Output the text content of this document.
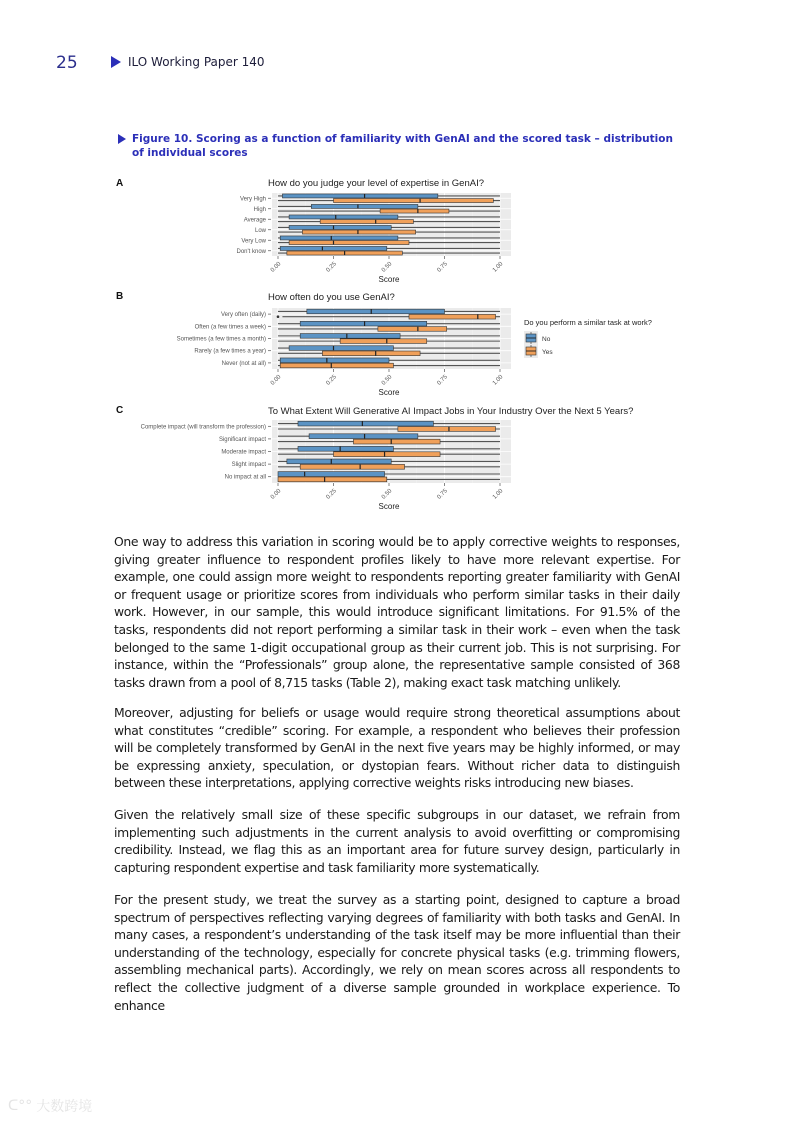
25	ILO Working Paper 140
Figure 10. Scoring as a function of familiarity with GenAI and the scored task – distribution of individual scores
A	How do you judge your level of expertise in GenAI?
Very High
High
Average
Low
Very Low
Don't know
0.00	0.25	0.50	0.75	1.00
Score
B	How often do you use GenAI?
Very often (daily)
Often (a few times a week)
Sometimes (a few times a month)
Rarely (a few times a year)
Never (not at all)
0.00	0.25	0.50	0.75	1.00
Score
C	To What Extent Will Generative AI Impact Jobs in Your Industry Over the Next 5 Years?
Complete impact (will transform the profession)
Significant impact
Moderate impact
Slight impact
No impact at all
0.00	0.25	0.50	0.75	1.00
Score
Do you perform a similar task at work?
No
Yes

One way to address this variation in scoring would be to apply corrective weights to responses, giving greater influence to respondent profiles likely to have more relevant expertise. For example, one could assign more weight to respondents reporting greater familiarity with GenAI or frequent usage or prioritize scores from individuals who perform similar tasks in their daily work. However, in our sample, this would introduce significant limitations. For 91.5% of the tasks, respondents did not report performing a similar task in their work – even when the task belonged to the same 1-digit occupational group as their current job. This is not surprising. For instance, within the “Professionals” group alone, the representative sample consisted of 368 tasks drawn from a pool of 8,715 tasks (Table 2), making exact task matching unlikely.

Moreover, adjusting for beliefs or usage would require strong theoretical assumptions about what constitutes “credible” scoring. For example, a respondent who believes their profession will be completely transformed by GenAI in the next five years may be highly informed, or may be expressing anxiety, speculation, or dystopian fears. Without richer data to distinguish between these interpretations, applying corrective weights risks introducing new biases.

Given the relatively small size of these specific subgroups in our dataset, we refrain from implementing such adjustments in the current analysis to avoid overfitting or compromising credibility. Instead, we flag this as an important area for future survey design, particularly in capturing respondent expertise and task familiarity more systematically.

For the present study, we treat the survey as a starting point, designed to capture a broad spectrum of perspectives reflecting varying degrees of familiarity with both tasks and GenAI. In many cases, a respondent’s understanding of the task itself may be more influential than their understanding of the technology, especially for concrete physical tasks (e.g. trimming flowers, assembling mechanical parts). Accordingly, we rely on mean scores across all respondents to reflect the collective judgment of a diverse sample grounded in workplace experience. To enhance

ᑕ°° 大数跨境
